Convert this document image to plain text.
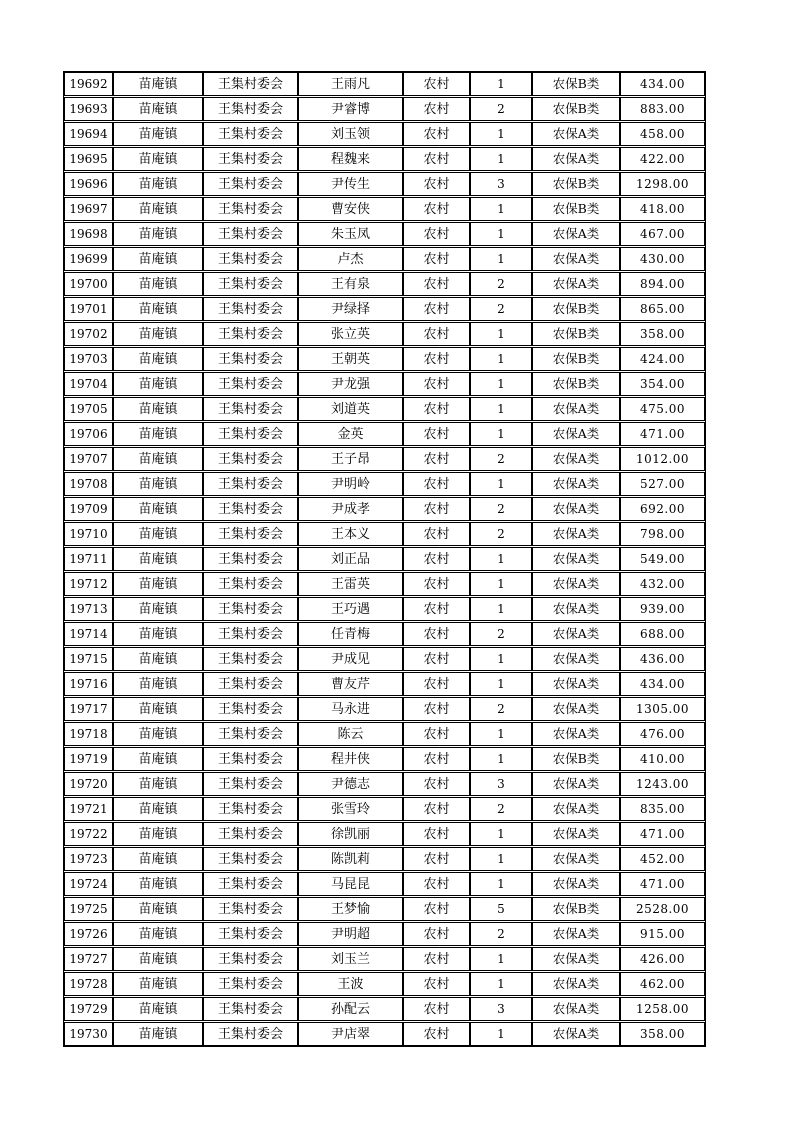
19692	苗庵镇	王集村委会	王雨凡	农村	1	农保B类	434.00
19693	苗庵镇	王集村委会	尹睿博	农村	2	农保B类	883.00
19694	苗庵镇	王集村委会	刘玉领	农村	1	农保A类	458.00
19695	苗庵镇	王集村委会	程魏来	农村	1	农保A类	422.00
19696	苗庵镇	王集村委会	尹传生	农村	3	农保B类	1298.00
19697	苗庵镇	王集村委会	曹安侠	农村	1	农保B类	418.00
19698	苗庵镇	王集村委会	朱玉凤	农村	1	农保A类	467.00
19699	苗庵镇	王集村委会	卢杰	农村	1	农保A类	430.00
19700	苗庵镇	王集村委会	王有泉	农村	2	农保A类	894.00
19701	苗庵镇	王集村委会	尹绿择	农村	2	农保B类	865.00
19702	苗庵镇	王集村委会	张立英	农村	1	农保B类	358.00
19703	苗庵镇	王集村委会	王朝英	农村	1	农保B类	424.00
19704	苗庵镇	王集村委会	尹龙强	农村	1	农保B类	354.00
19705	苗庵镇	王集村委会	刘道英	农村	1	农保A类	475.00
19706	苗庵镇	王集村委会	金英	农村	1	农保A类	471.00
19707	苗庵镇	王集村委会	王子昂	农村	2	农保A类	1012.00
19708	苗庵镇	王集村委会	尹明岭	农村	1	农保A类	527.00
19709	苗庵镇	王集村委会	尹成孝	农村	2	农保A类	692.00
19710	苗庵镇	王集村委会	王本义	农村	2	农保A类	798.00
19711	苗庵镇	王集村委会	刘正品	农村	1	农保A类	549.00
19712	苗庵镇	王集村委会	王雷英	农村	1	农保A类	432.00
19713	苗庵镇	王集村委会	王巧遇	农村	1	农保A类	939.00
19714	苗庵镇	王集村委会	任青梅	农村	2	农保A类	688.00
19715	苗庵镇	王集村委会	尹成见	农村	1	农保A类	436.00
19716	苗庵镇	王集村委会	曹友芹	农村	1	农保A类	434.00
19717	苗庵镇	王集村委会	马永进	农村	2	农保A类	1305.00
19718	苗庵镇	王集村委会	陈云	农村	1	农保A类	476.00
19719	苗庵镇	王集村委会	程井侠	农村	1	农保B类	410.00
19720	苗庵镇	王集村委会	尹德志	农村	3	农保A类	1243.00
19721	苗庵镇	王集村委会	张雪玲	农村	2	农保A类	835.00
19722	苗庵镇	王集村委会	徐凯丽	农村	1	农保A类	471.00
19723	苗庵镇	王集村委会	陈凯莉	农村	1	农保A类	452.00
19724	苗庵镇	王集村委会	马昆昆	农村	1	农保A类	471.00
19725	苗庵镇	王集村委会	王梦愉	农村	5	农保B类	2528.00
19726	苗庵镇	王集村委会	尹明超	农村	2	农保A类	915.00
19727	苗庵镇	王集村委会	刘玉兰	农村	1	农保A类	426.00
19728	苗庵镇	王集村委会	王波	农村	1	农保A类	462.00
19729	苗庵镇	王集村委会	孙配云	农村	3	农保A类	1258.00
19730	苗庵镇	王集村委会	尹店翠	农村	1	农保A类	358.00
